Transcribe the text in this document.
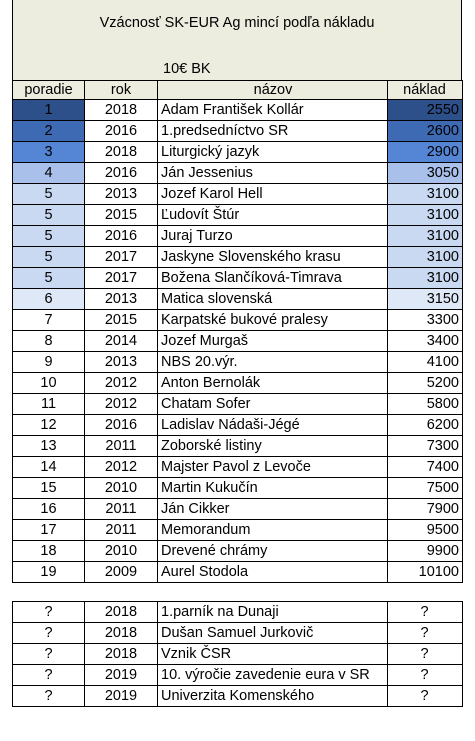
Vzácnosť SK-EUR Ag mincí podľa nákladu
10€ BK
poradie	rok	názov	náklad
1	2018	Adam František Kollár	2550
2	2016	1.predsedníctvo SR	2600
3	2018	Liturgický jazyk	2900
4	2016	Ján Jessenius	3050
5	2013	Jozef Karol Hell	3100
5	2015	Ľudovít Štúr	3100
5	2016	Juraj Turzo	3100
5	2017	Jaskyne Slovenského krasu	3100
5	2017	Božena Slančíková-Timrava	3100
6	2013	Matica slovenská	3150
7	2015	Karpatské bukové pralesy	3300
8	2014	Jozef Murgaš	3400
9	2013	NBS 20.výr.	4100
10	2012	Anton Bernolák	5200
11	2012	Chatam Sofer	5800
12	2016	Ladislav Nádaši-Jégé	6200
13	2011	Zoborské listiny	7300
14	2012	Majster Pavol z Levoče	7400
15	2010	Martin Kukučín	7500
16	2011	Ján Cikker	7900
17	2011	Memorandum	9500
18	2010	Drevené chrámy	9900
19	2009	Aurel Stodola	10100
?	2018	1.parník na Dunaji	?
?	2018	Dušan Samuel Jurkovič	?
?	2018	Vznik ČSR	?
?	2019	10. výročie zavedenie eura v SR	?
?	2019	Univerzita Komenského	?
